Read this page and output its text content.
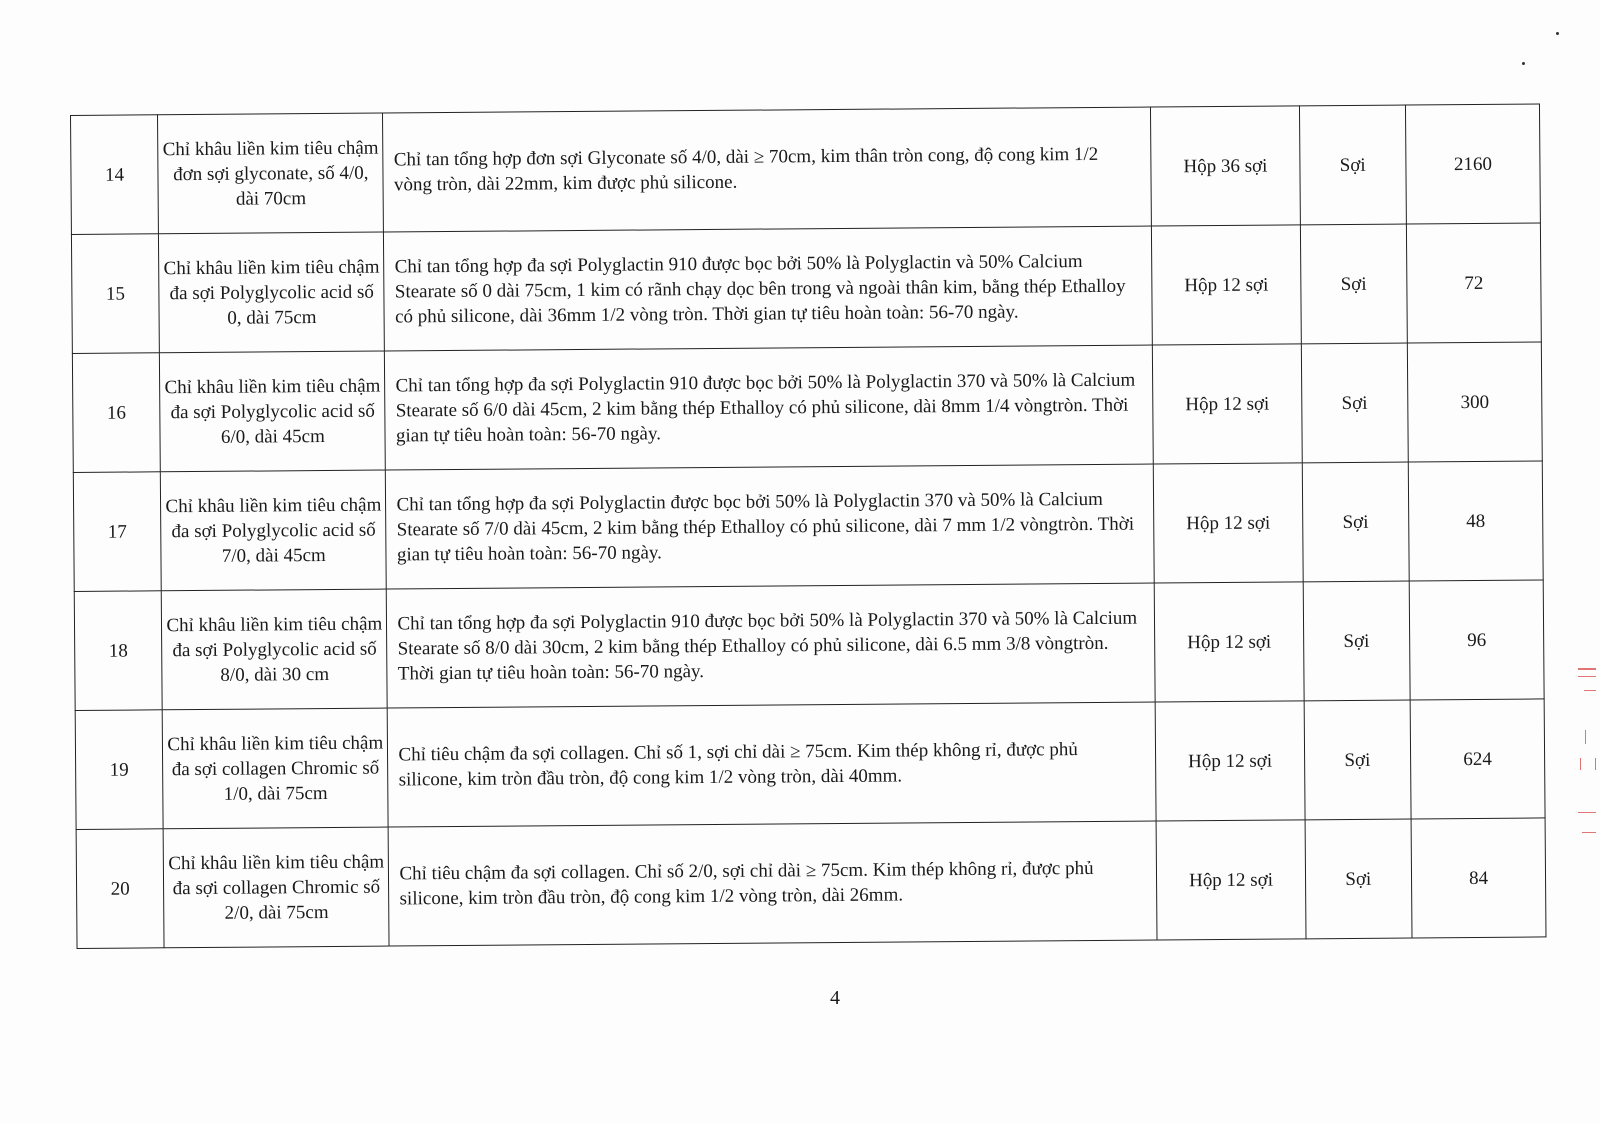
14	Chỉ khâu liền kim tiêu chậm đơn sợi glyconate, số 4/0, dài 70cm	Chỉ tan tổng hợp đơn sợi Glyconate số 4/0, dài ≥ 70cm, kim thân tròn cong, độ cong kim 1/2 vòng tròn, dài 22mm, kim được phủ silicone.	Hộp 36 sợi	Sợi	2160
15	Chỉ khâu liền kim tiêu chậm đa sợi Polyglycolic acid số 0, dài 75cm	Chỉ tan tổng hợp đa sợi Polyglactin 910 được bọc bởi 50% là Polyglactin và 50% Calcium Stearate số 0 dài 75cm, 1 kim có rãnh chạy dọc bên trong và ngoài thân kim, bằng thép Ethalloy có phủ silicone, dài 36mm 1/2 vòng tròn. Thời gian tự tiêu hoàn toàn: 56-70 ngày.	Hộp 12 sợi	Sợi	72
16	Chỉ khâu liền kim tiêu chậm đa sợi Polyglycolic acid số 6/0, dài 45cm	Chỉ tan tổng hợp đa sợi Polyglactin 910 được bọc bởi 50% là Polyglactin 370 và 50% là Calcium Stearate số 6/0 dài 45cm, 2 kim bằng thép Ethalloy có phủ silicone, dài 8mm 1/4 vòngtròn. Thời gian tự tiêu hoàn toàn: 56-70 ngày.	Hộp 12 sợi	Sợi	300
17	Chỉ khâu liền kim tiêu chậm đa sợi Polyglycolic acid số 7/0, dài 45cm	Chỉ tan tổng hợp đa sợi Polyglactin được bọc bởi 50% là Polyglactin 370 và 50% là Calcium Stearate số 7/0 dài 45cm, 2 kim bằng thép Ethalloy có phủ silicone, dài 7 mm 1/2 vòngtròn. Thời gian tự tiêu hoàn toàn: 56-70 ngày.	Hộp 12 sợi	Sợi	48
18	Chỉ khâu liền kim tiêu chậm đa sợi Polyglycolic acid số 8/0, dài 30 cm	Chỉ tan tổng hợp đa sợi Polyglactin 910 được bọc bởi 50% là Polyglactin 370 và 50% là Calcium Stearate số 8/0 dài 30cm, 2 kim bằng thép Ethalloy có phủ silicone, dài 6.5 mm 3/8 vòngtròn. Thời gian tự tiêu hoàn toàn: 56-70 ngày.	Hộp 12 sợi	Sợi	96
19	Chỉ khâu liền kim tiêu chậm đa sợi collagen Chromic số 1/0, dài 75cm	Chỉ tiêu chậm đa sợi collagen. Chỉ số 1, sợi chỉ dài ≥ 75cm. Kim thép không rỉ, được phủ silicone, kim tròn đầu tròn, độ cong kim 1/2 vòng tròn, dài 40mm.	Hộp 12 sợi	Sợi	624
20	Chỉ khâu liền kim tiêu chậm đa sợi collagen Chromic số 2/0, dài 75cm	Chỉ tiêu chậm đa sợi collagen. Chỉ số 2/0, sợi chỉ dài ≥ 75cm. Kim thép không rỉ, được phủ silicone, kim tròn đầu tròn, độ cong kim 1/2 vòng tròn, dài 26mm.	Hộp 12 sợi	Sợi	84
4
